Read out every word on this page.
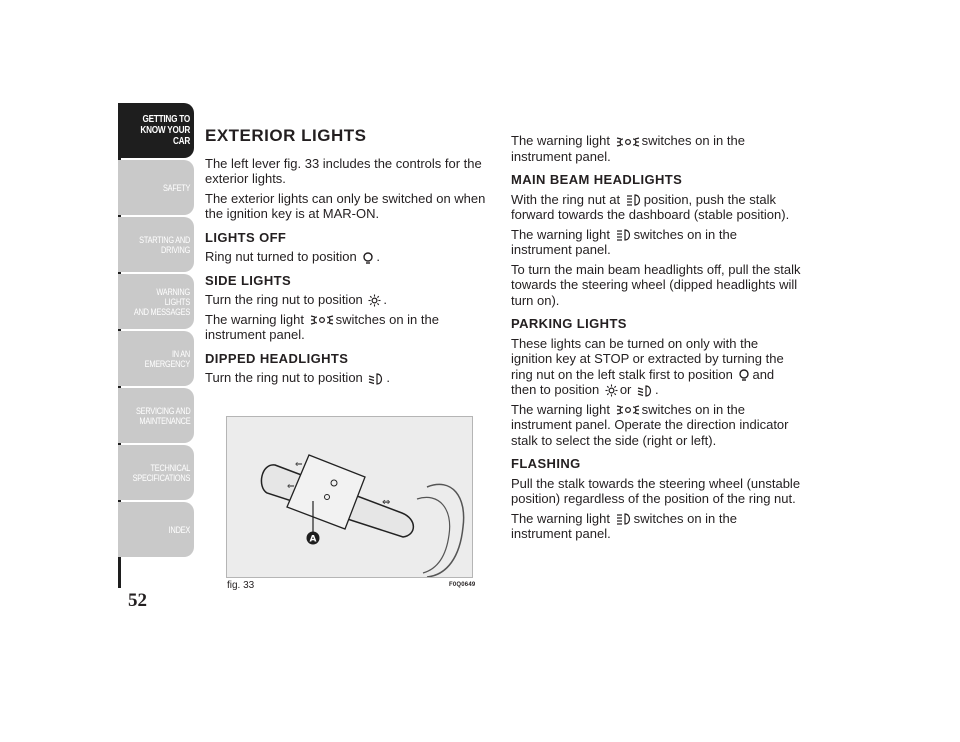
GETTING TO
KNOW YOUR CAR
SAFETY
STARTING AND
DRIVING
WARNING LIGHTS
AND MESSAGES
IN AN EMERGENCY
SERVICING AND
MAINTENANCE
TECHNICAL
SPECIFICATIONS
INDEX
52
EXTERIOR LIGHTS

The left lever fig. 33 includes the controls for the exterior lights.

The exterior lights can only be switched on when the ignition key is at MAR-ON.

LIGHTS OFF

Ring nut turned to position .

SIDE LIGHTS

Turn the ring nut to position .

The warning light switches on in the instrument panel.

DIPPED HEADLIGHTS

Turn the ring nut to position .

⇐
⇐
⇔
A
fig. 33	F0Q0649

The warning light switches on in the instrument panel.

MAIN BEAM HEADLIGHTS

With the ring nut at position, push the stalk forward towards the dashboard (stable position).

The warning light switches on in the instrument panel.

To turn the main beam headlights off, pull the stalk towards the steering wheel (dipped headlights will turn on).

PARKING LIGHTS

These lights can be turned on only with the ignition key at STOP or extracted by turning the ring nut on the left stalk first to position and then to position or .

The warning light switches on in the instrument panel. Operate the direction indicator stalk to select the side (right or left).

FLASHING

Pull the stalk towards the steering wheel (unstable position) regardless of the position of the ring nut.

The warning light switches on in the instrument panel.
